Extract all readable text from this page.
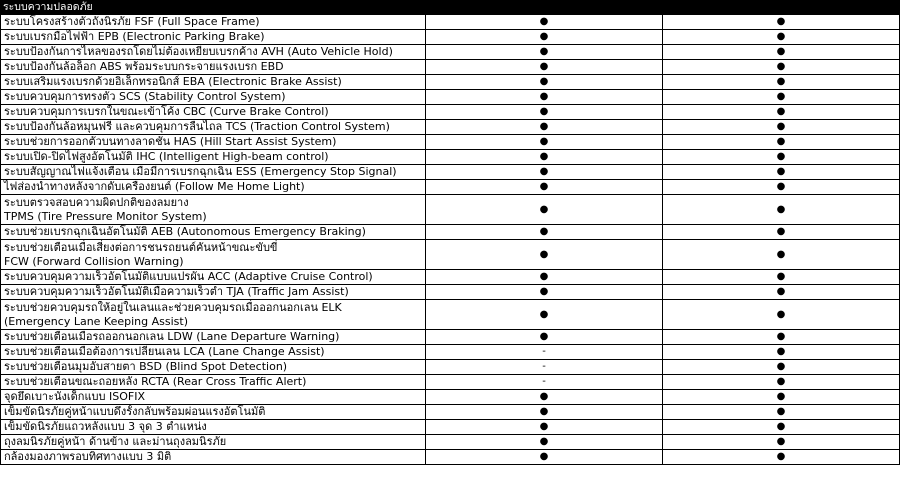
ระบบความปลอดภัย
ระบบโครงสร้างตัวถังนิรภัย FSF (Full Space Frame)	●	●

ระบบเบรกมือไฟฟ้า EPB (Electronic Parking Brake)	●	●

ระบบป้องกันการไหลของรถโดยไม่ต้องเหยียบเบรกค้าง AVH (Auto Vehicle Hold)	●	●

ระบบป้องกันล้อล็อก ABS พร้อมระบบกระจายแรงเบรก EBD	●	●

ระบบเสริมแรงเบรกด้วยอิเล็กทรอนิกส์ EBA (Electronic Brake Assist)	●	●

ระบบควบคุมการทรงตัว SCS (Stability Control System)	●	●

ระบบควบคุมการเบรกในขณะเข้าโค้ง CBC (Curve Brake Control)	●	●

ระบบป้องกันล้อหมุนฟรี และควบคุมการลื่นไถล TCS (Traction Control System)	●	●

ระบบช่วยการออกตัวบนทางลาดชัน HAS (Hill Start Assist System)	●	●

ระบบเปิด-ปิดไฟสูงอัตโนมัติ IHC (Intelligent High-beam control)	●	●

ระบบสัญญาณไฟแจ้งเตือน เมื่อมีการเบรกฉุกเฉิน ESS (Emergency Stop Signal)	●	●

ไฟส่องนำทางหลังจากดับเครื่องยนต์ (Follow Me Home Light)	●	●

ระบบตรวจสอบความผิดปกติของลมยาง
TPMS (Tire Pressure Monitor System)	●	●

ระบบช่วยเบรกฉุกเฉินอัตโนมัติ AEB (Autonomous Emergency Braking)	●	●

ระบบช่วยเตือนเมื่อเสี่ยงต่อการชนรถยนต์คันหน้าขณะขับขี่
FCW (Forward Collision Warning)	●	●

ระบบควบคุมความเร็วอัตโนมัติแบบแปรผัน ACC (Adaptive Cruise Control)	●	●

ระบบควบคุมความเร็วอัตโนมัติเมื่อความเร็วต่ำ TJA (Traffic Jam Assist)	●	●

ระบบช่วยควบคุมรถให้อยู่ในเลนและช่วยควบคุมรถเมื่อออกนอกเลน ELK
(Emergency Lane Keeping Assist)	●	●

ระบบช่วยเตือนเมื่อรถออกนอกเลน LDW (Lane Departure Warning)	●	●

ระบบช่วยเตือนเมื่อต้องการเปลี่ยนเลน LCA (Lane Change Assist)	-	●

ระบบช่วยเตือนมุมอับสายตา BSD (Blind Spot Detection)	-	●

ระบบช่วยเตือนขณะถอยหลัง RCTA (Rear Cross Traffic Alert)	-	●

จุดยึดเบาะนั่งเด็กแบบ ISOFIX	●	●

เข็มขัดนิรภัยคู่หน้าแบบดึงรั้งกลับพร้อมผ่อนแรงอัตโนมัติ	●	●

เข็มขัดนิรภัยแถวหลังแบบ 3 จุด 3 ตำแหน่ง	●	●

ถุงลมนิรภัยคู่หน้า ด้านข้าง และม่านถุงลมนิรภัย	●	●

กล้องมองภาพรอบทิศทางแบบ 3 มิติ	●	●
